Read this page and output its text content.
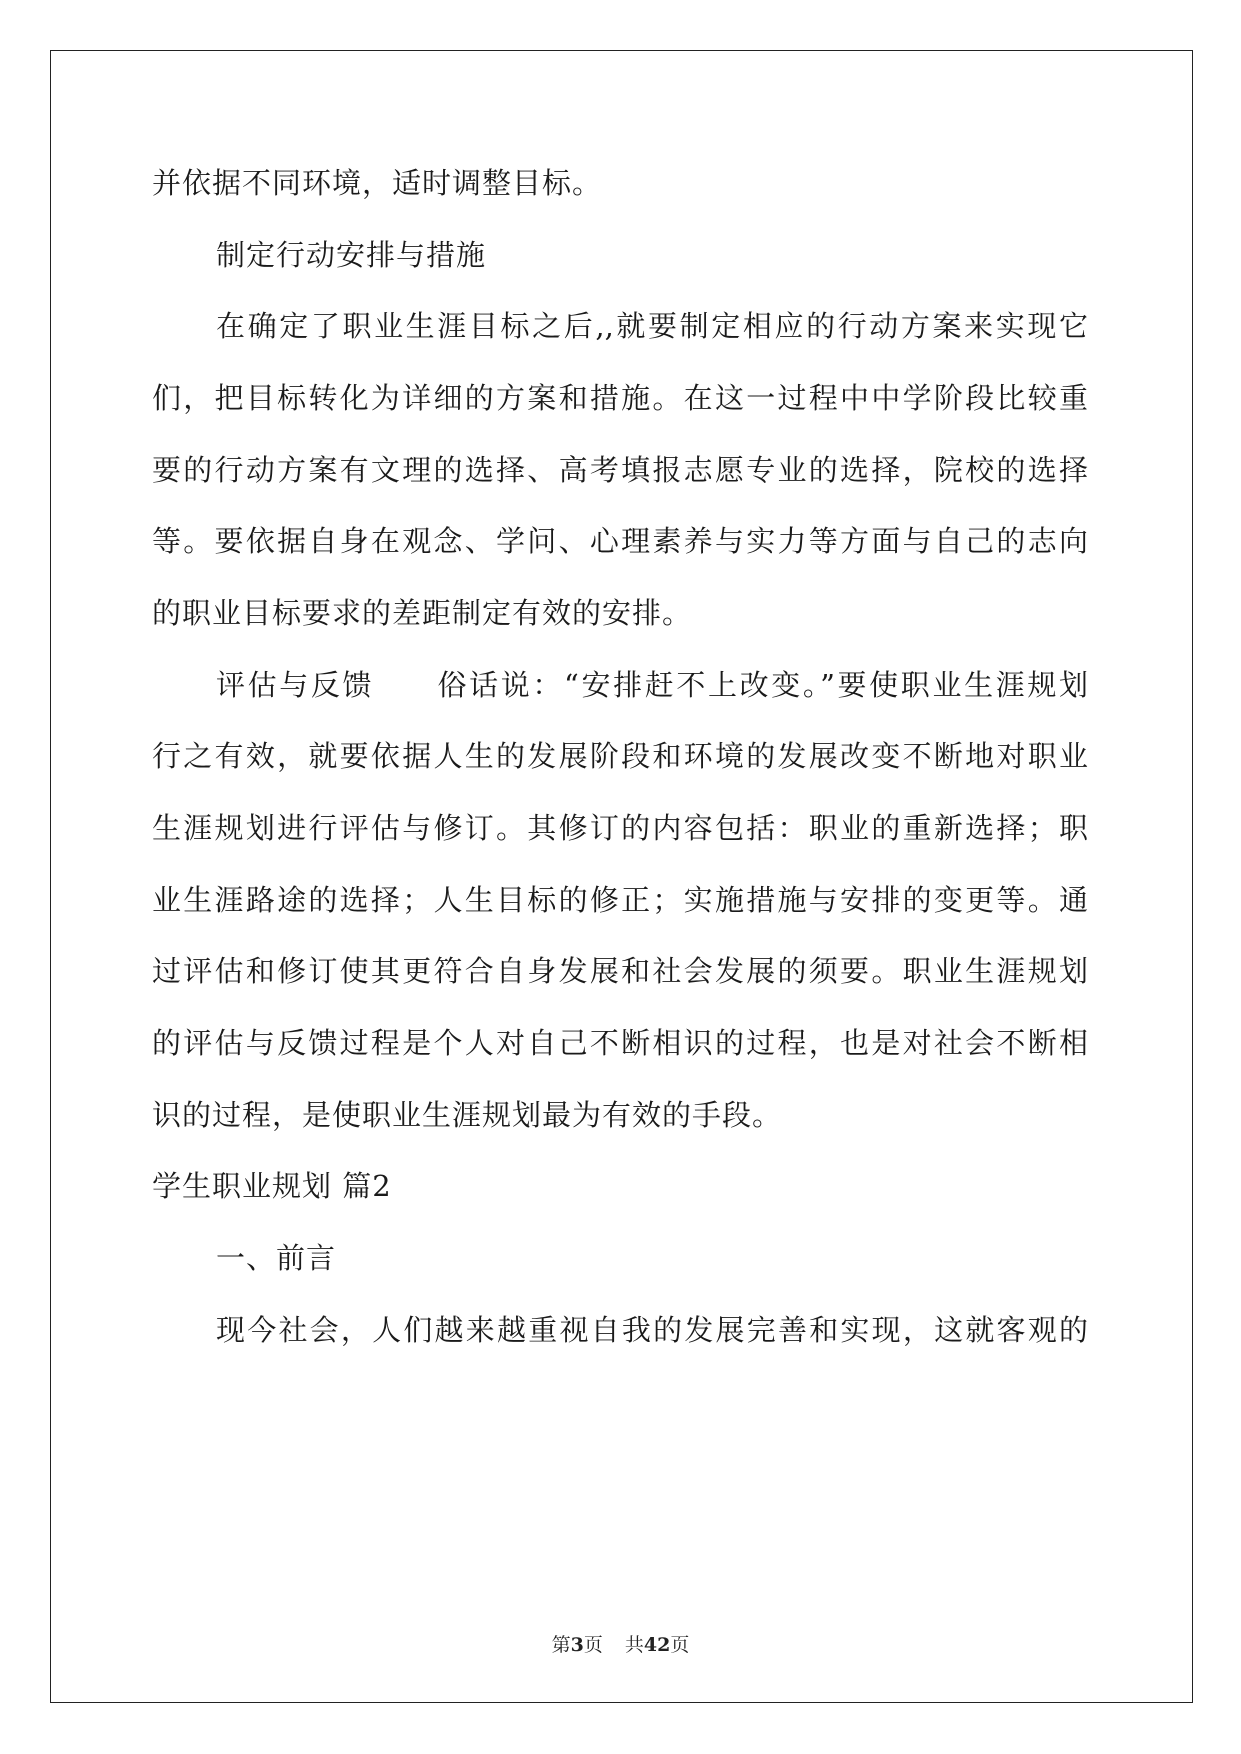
并依据不同环境，适时调整目标。
制定行动安排与措施
在确定了职业生涯目标之后,,就要制定相应的行动方案来实现它
们，把目标转化为详细的方案和措施。在这一过程中中学阶段比较重
要的行动方案有文理的选择、高考填报志愿专业的选择，院校的选择
等。要依据自身在观念、学问、心理素养与实力等方面与自己的志向
的职业目标要求的差距制定有效的安排。
评估与反馈　　俗话说：“安排赶不上改变。”要使职业生涯规划
行之有效，就要依据人生的发展阶段和环境的发展改变不断地对职业
生涯规划进行评估与修订。其修订的内容包括：职业的重新选择；职
业生涯路途的选择；人生目标的修正；实施措施与安排的变更等。通
过评估和修订使其更符合自身发展和社会发展的须要。职业生涯规划
的评估与反馈过程是个人对自己不断相识的过程，也是对社会不断相
识的过程，是使职业生涯规划最为有效的手段。
学生职业规划 篇2
一、前言
现今社会，人们越来越重视自我的发展完善和实现，这就客观的
第3页 共42页
